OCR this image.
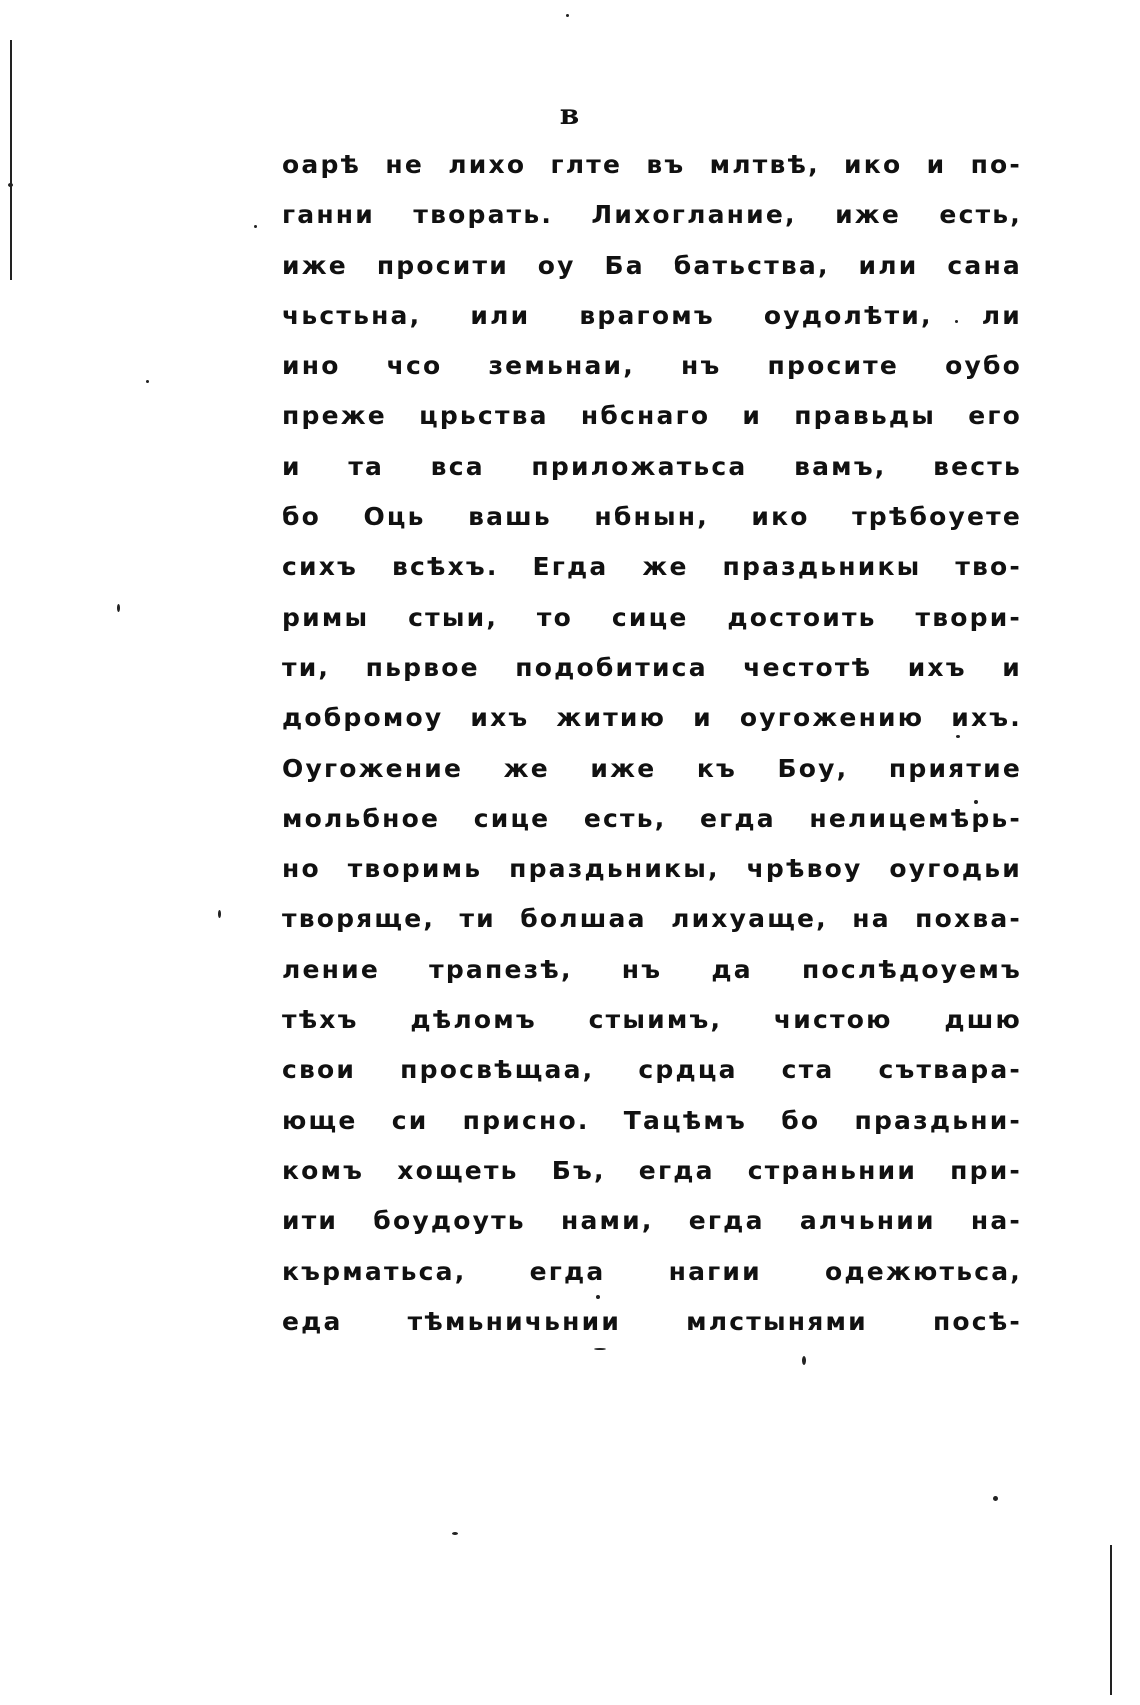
в
оарѣ не лихо глте въ млтвѣ, ико и по-
ганни творать. Лихоглание, иже есть,
иже просити оу Ба батьства, или сана
чьстьна, или врагомъ оудолѣти, ли
ино чсо земьнаи, нъ просите оубо
преже црьства нбснаго и правьды его
и та вса приложатьса вамъ, весть
бо Оць вашь нбнын, ико трѣбоуете
сихъ всѣхъ. Егда же праздьникы тво-
римы стыи, то сице достоить твори-
ти, пьрвое подобитиса честотѣ ихъ и
добромоу ихъ житию и оугожению ихъ.
Оугожение же иже къ Боу, приятие
мольбное сице есть, егда нелицемѣрь-
но творимь праздьникы, чрѣвоу оугодьи
творяще, ти болшаа лихуаще, на похва-
ление трапезѣ, нъ да послѣдоуемъ
тѣхъ дѣломъ стыимъ, чистою дшю
свои просвѣщаа, срдца ста сътвара-
юще си присно. Тацѣмъ бо праздьни-
комъ хощеть Бъ, егда страньнии при-
ити боудоуть нами, егда алчьнии на-
кърматьса, егда нагии одежютьса,
еда тѣмьничьнии млстынями посѣ-
